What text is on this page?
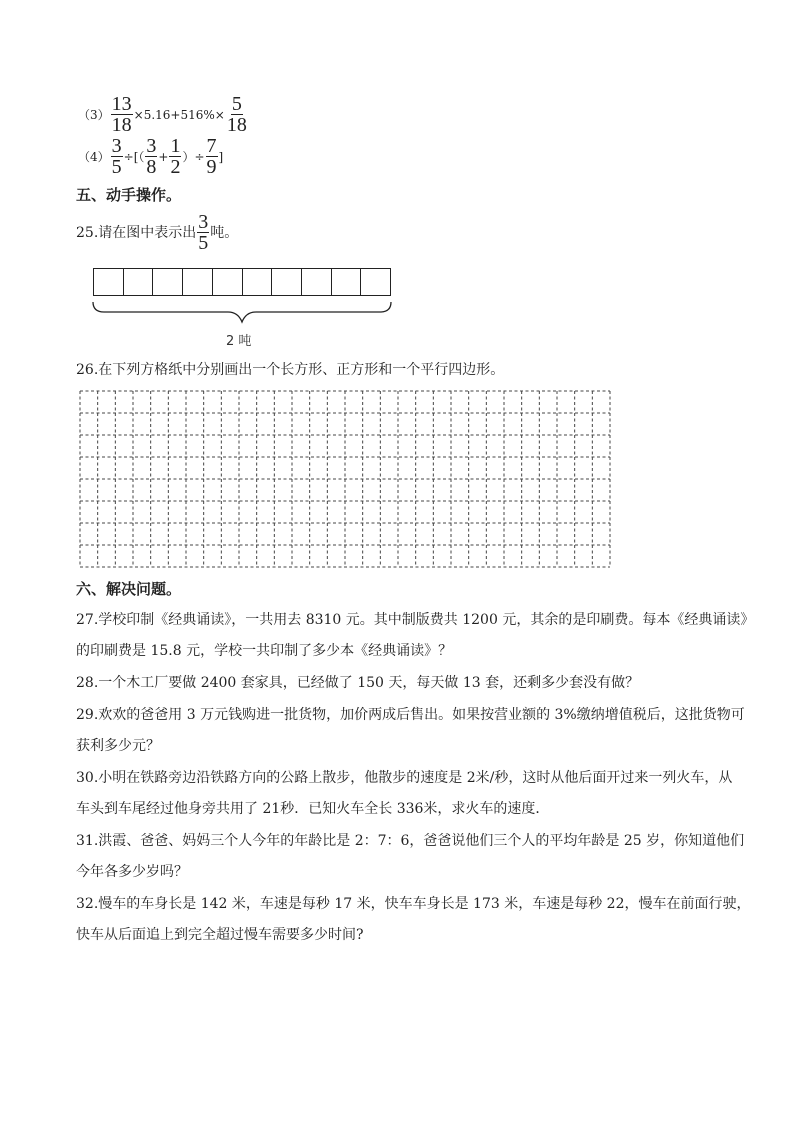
$(3) \frac{13}{18} \times 5.16+516\%\times \frac{5}{18}$
$(4) \frac{3}{5}$ ÷[（ $\frac{3}{8} + \frac{1}{2}$ ）÷ $\frac{7}{9}$ ]
五、动手操作。
25.请在图中表示出 $\frac{3}{5}$ 吨。
2 吨
26.在下列方格纸中分别画出一个长方形、正方形和一个平行四边形。
六、解决问题。
27.学校印制《经典诵读》，一共用去 8310 元。其中制版费共 1200 元，其余的是印刷费。每本《经典诵读》
的印刷费是 15.8 元，学校一共印制了多少本《经典诵读》？
28.一个木工厂要做 2400 套家具，已经做了 150 天，每天做 13 套，还剩多少套没有做？
29.欢欢的爸爸用 3 万元钱购进一批货物，加价两成后售出。如果按营业额的 3%缴纳增值税后，这批货物可
获利多少元？
30.小明在铁路旁边沿铁路方向的公路上散步，他散步的速度是 2米/秒，这时从他后面开过来一列火车，从
车头到车尾经过他身旁共用了 21秒．已知火车全长 336米，求火车的速度．
31.洪霞、爸爸、妈妈三个人今年的年龄比是 2：7：6，爸爸说他们三个人的平均年龄是 25 岁，你知道他们
今年各多少岁吗？
32.慢车的车身长是 142 米，车速是每秒 17 米，快车车身长是 173 米，车速是每秒 22，慢车在前面行驶，
快车从后面追上到完全超过慢车需要多少时间?
